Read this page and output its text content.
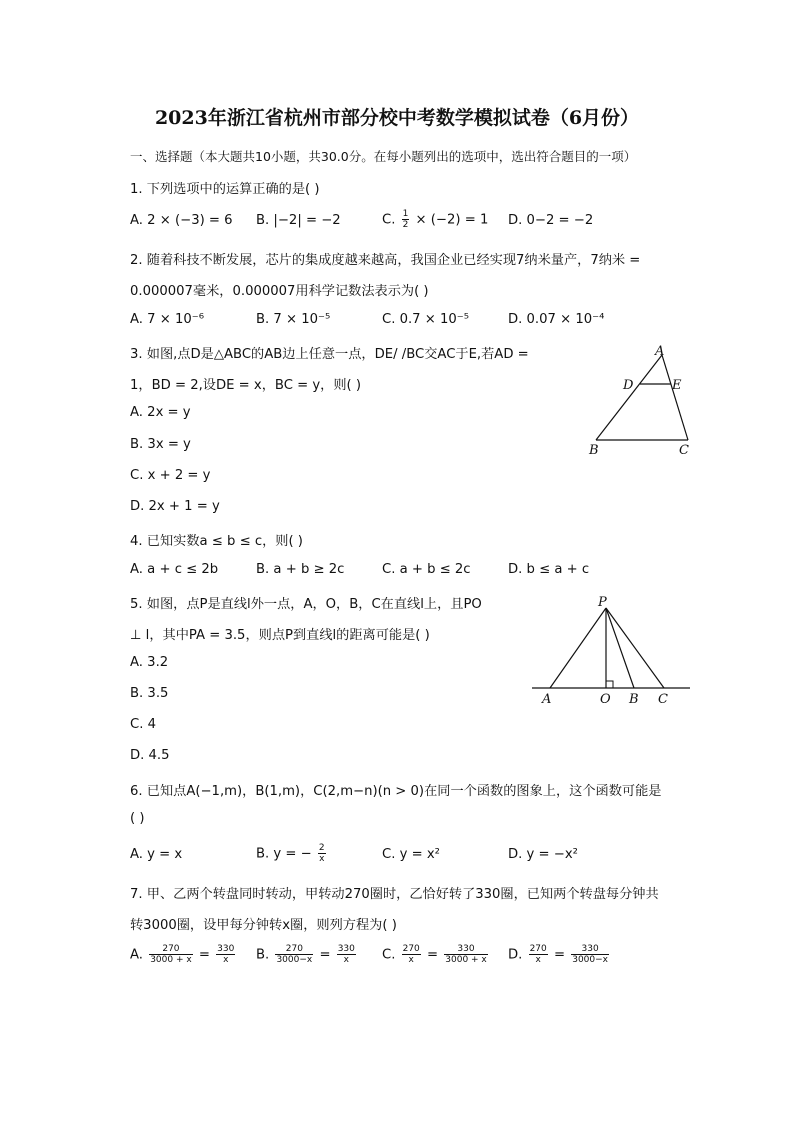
2023年浙江省杭州市部分校中考数学模拟试卷（6月份）
一、选择题（本大题共10小题，共30.0分。在每小题列出的选项中，选出符合题目的一项）
1. 下列选项中的运算正确的是( )
A. 2 × (−3) = 6 B. |−2| = −2	C. $\frac{1}{2} \times (-2) = 1$ D. 0−2 = −2
2. 随着科技不断发展，芯片的集成度越来越高，我国企业已经实现7纳米量产，7纳米 =
0.000007毫米，0.000007用科学记数法表示为( )
A. 7 × 10⁻⁶	B. 7 × 10⁻⁵	C. 0.7 × 10⁻⁵	D. 0.07 × 10⁻⁴
3. 如图,点D是△ABC的AB边上任意一点，DE/ /BC交AC于E,若AD =
1，BD = 2,设DE = x，BC = y，则( )
A. 2x = y
B. 3x = y
C. x + 2 = y
D. 2x + 1 = y
A
D	E
B	C
4. 已知实数a ≤ b ≤ c，则( )
A. a + c ≤ 2b	B. a + b ≥ 2c	C. a + b ≤ 2c	D. b ≤ a + c
5. 如图，点P是直线l外一点，A，O，B，C在直线l上，且PO
⊥ l，其中PA = 3.5，则点P到直线l的距离可能是( )
A. 3.2
B. 3.5
C. 4
D. 4.5
P
A	O B C
6. 已知点A(−1,m)，B(1,m)，C(2,m−n)(n > 0)在同一个函数的图象上，这个函数可能是
( )
A. y = x	B. y = − $\frac{2}{x}$	C. y = x²	D. y = −x²
7. 甲、乙两个转盘同时转动，甲转动270圈时，乙恰好转了330圈，已知两个转盘每分钟共
转3000圈，设甲每分钟转x圈，则列方程为( )
A. $\frac{270}{3000 + x} = \frac{330}{x} B$. $\frac{270}{3000-x} = \frac{330}{x} C$. $\frac{270}{x} = \frac{330}{3000 + x} D$. $\frac{270}{x} = \frac{330}{3000-x}$
